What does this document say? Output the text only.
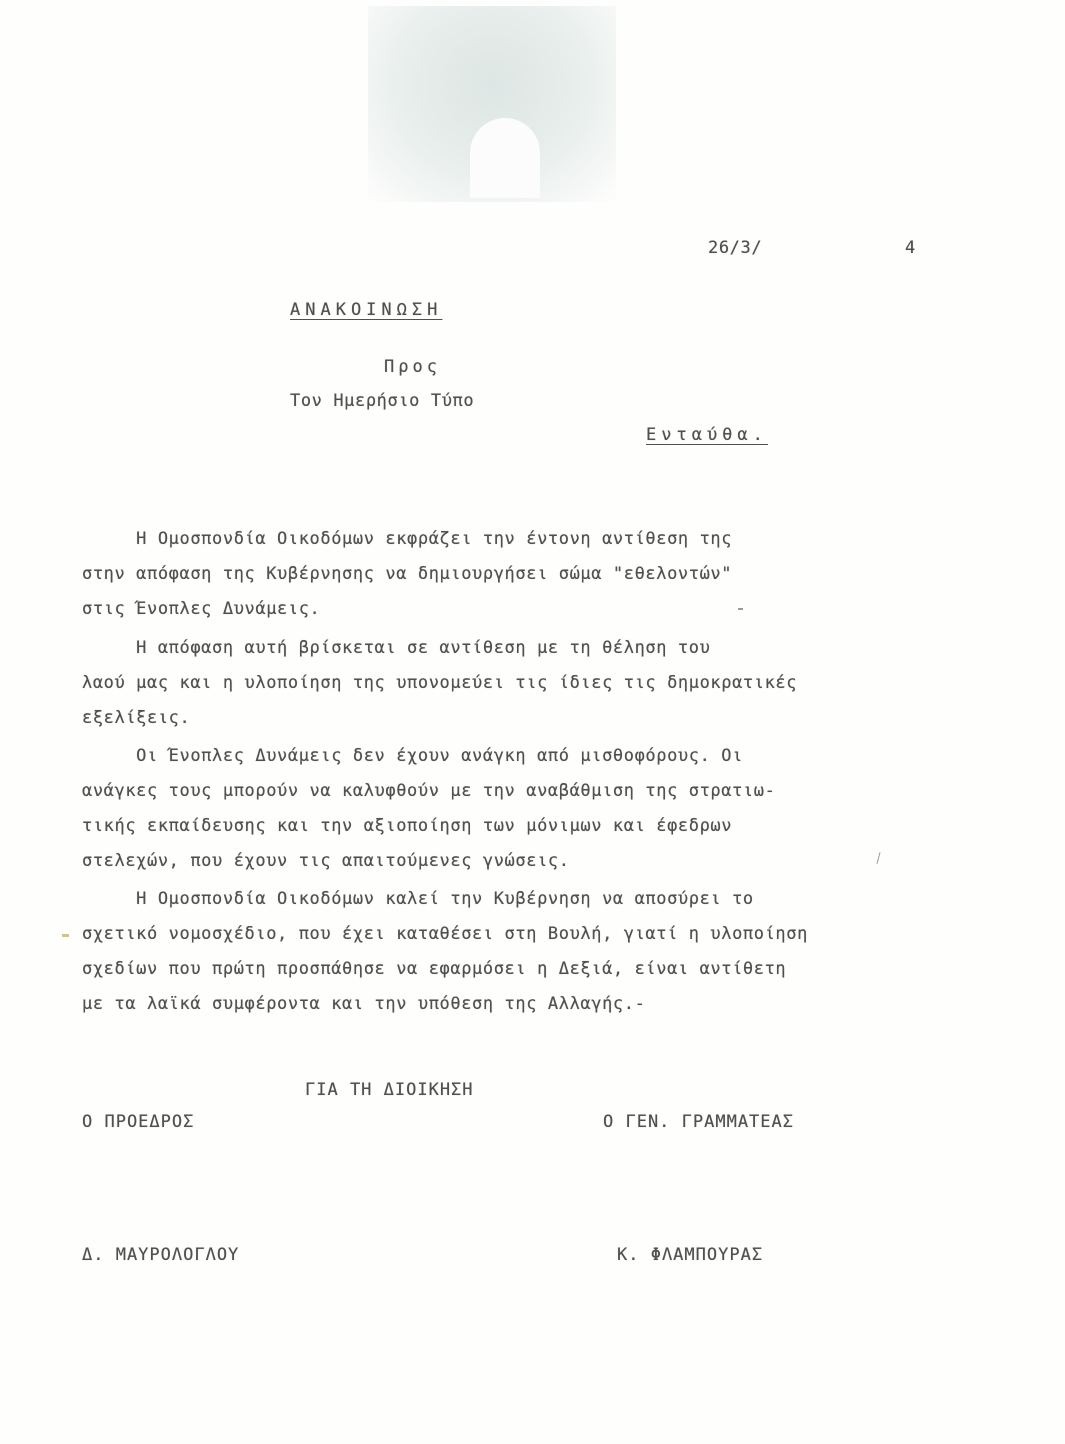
26/3/	4
ΑΝΑΚΟΙΝΩΣΗ
Προς
Τον Ημερήσιο Τύπο
Ενταύθα.
Η Ομοσπονδία Οικοδόμων εκφράζει την έντονη αντίθεση της
στην απόφαση της Κυβέρνησης να δημιουργήσει σώμα "εθελοντών"
στις Ένοπλες Δυνάμεις.
Η απόφαση αυτή βρίσκεται σε αντίθεση με τη θέληση του
λαού μας και η υλοποίηση της υπονομεύει τις ίδιες τις δημοκρατικές
εξελίξεις.
Οι Ένοπλες Δυνάμεις δεν έχουν ανάγκη από μισθοφόρους. Οι
ανάγκες τους μπορούν να καλυφθούν με την αναβάθμιση της στρατιω-
τικής εκπαίδευσης και την αξιοποίηση των μόνιμων και έφεδρων
στελεχών, που έχουν τις απαιτούμενες γνώσεις.
Η Ομοσπονδία Οικοδόμων καλεί την Κυβέρνηση να αποσύρει το
σχετικό νομοσχέδιο, που έχει καταθέσει στη Βουλή, γιατί η υλοποίηση
σχεδίων που πρώτη προσπάθησε να εφαρμόσει η Δεξιά, είναι αντίθετη
με τα λαϊκά συμφέροντα και την υπόθεση της Αλλαγής.-
ΓΙΑ ΤΗ ΔΙΟΙΚΗΣΗ
Ο ΠΡΟΕΔΡΟΣ	Ο ΓΕΝ. ΓΡΑΜΜΑΤΕΑΣ
Δ. ΜΑΥΡΟΛΟΓΛΟΥ	Κ. ΦΛΑΜΠΟΥΡΑΣ
